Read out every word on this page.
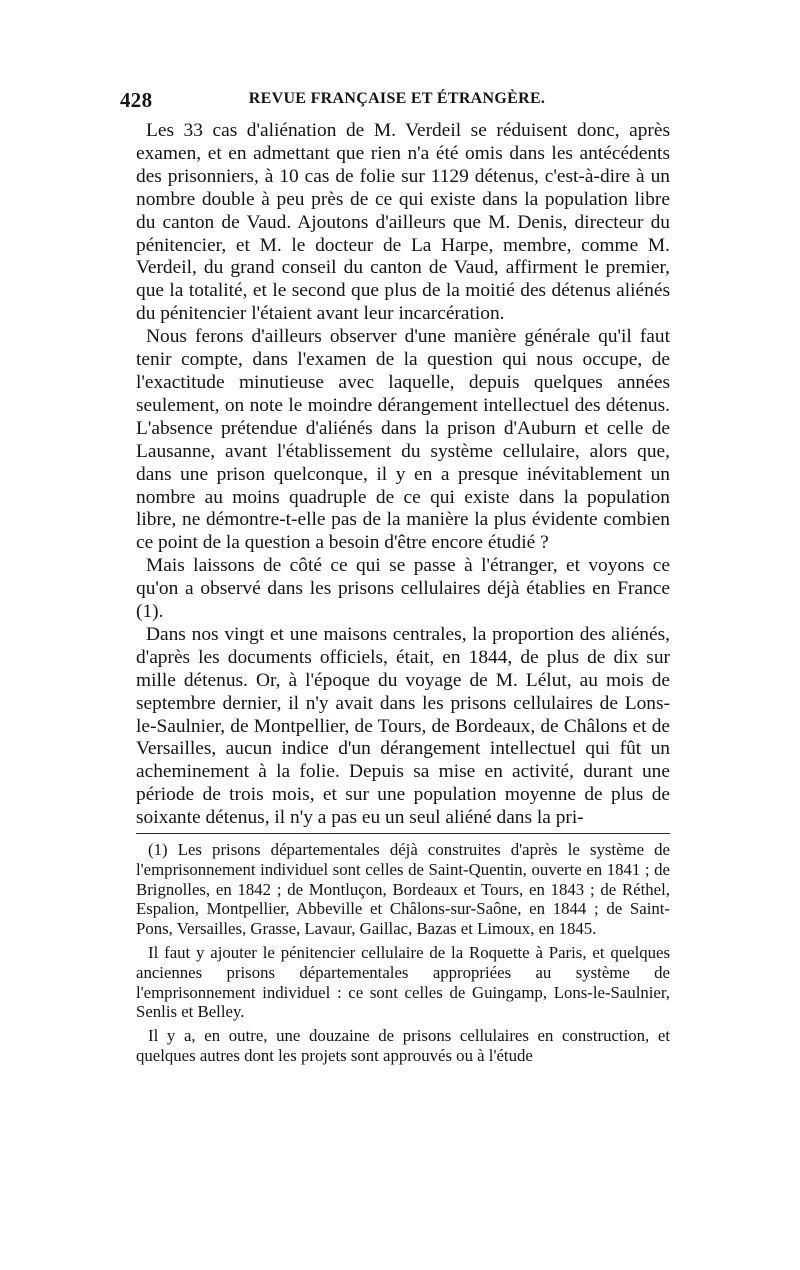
428	REVUE FRANÇAISE ET ÉTRANGÈRE.

Les 33 cas d'aliénation de M. Verdeil se réduisent donc, après examen, et en admettant que rien n'a été omis dans les antécédents des prisonniers, à 10 cas de folie sur 1129 détenus, c'est-à-dire à un nombre double à peu près de ce qui existe dans la population libre du canton de Vaud. Ajoutons d'ailleurs que M. Denis, directeur du pénitencier, et M. le docteur de La Harpe, membre, comme M. Verdeil, du grand conseil du canton de Vaud, affirment le premier, que la totalité, et le second que plus de la moitié des détenus aliénés du pénitencier l'étaient avant leur incarcération.

Nous ferons d'ailleurs observer d'une manière générale qu'il faut tenir compte, dans l'examen de la question qui nous occupe, de l'exactitude minutieuse avec laquelle, depuis quelques années seulement, on note le moindre dérangement intellectuel des détenus. L'absence prétendue d'aliénés dans la prison d'Auburn et celle de Lausanne, avant l'établissement du système cellulaire, alors que, dans une prison quelconque, il y en a presque inévitablement un nombre au moins quadruple de ce qui existe dans la population libre, ne démontre-t-elle pas de la manière la plus évidente combien ce point de la question a besoin d'être encore étudié ?

Mais laissons de côté ce qui se passe à l'étranger, et voyons ce qu'on a observé dans les prisons cellulaires déjà établies en France (1).

Dans nos vingt et une maisons centrales, la proportion des aliénés, d'après les documents officiels, était, en 1844, de plus de dix sur mille détenus. Or, à l'époque du voyage de M. Lélut, au mois de septembre dernier, il n'y avait dans les prisons cellulaires de Lons-le-Saulnier, de Montpellier, de Tours, de Bordeaux, de Châlons et de Versailles, aucun indice d'un dérangement intellectuel qui fût un acheminement à la folie. Depuis sa mise en activité, durant une période de trois mois, et sur une population moyenne de plus de soixante détenus, il n'y a pas eu un seul aliéné dans la pri-

(1) Les prisons départementales déjà construites d'après le système de l'emprisonnement individuel sont celles de Saint-Quentin, ouverte en 1841 ; de Brignolles, en 1842 ; de Montluçon, Bordeaux et Tours, en 1843 ; de Réthel, Espalion, Montpellier, Abbeville et Châlons-sur-Saône, en 1844 ; de Saint-Pons, Versailles, Grasse, Lavaur, Gaillac, Bazas et Limoux, en 1845.

Il faut y ajouter le pénitencier cellulaire de la Roquette à Paris, et quelques anciennes prisons départementales appropriées au système de l'emprisonnement individuel : ce sont celles de Guingamp, Lons-le-Saulnier, Senlis et Belley.

Il y a, en outre, une douzaine de prisons cellulaires en construction, et quelques autres dont les projets sont approuvés ou à l'étude
